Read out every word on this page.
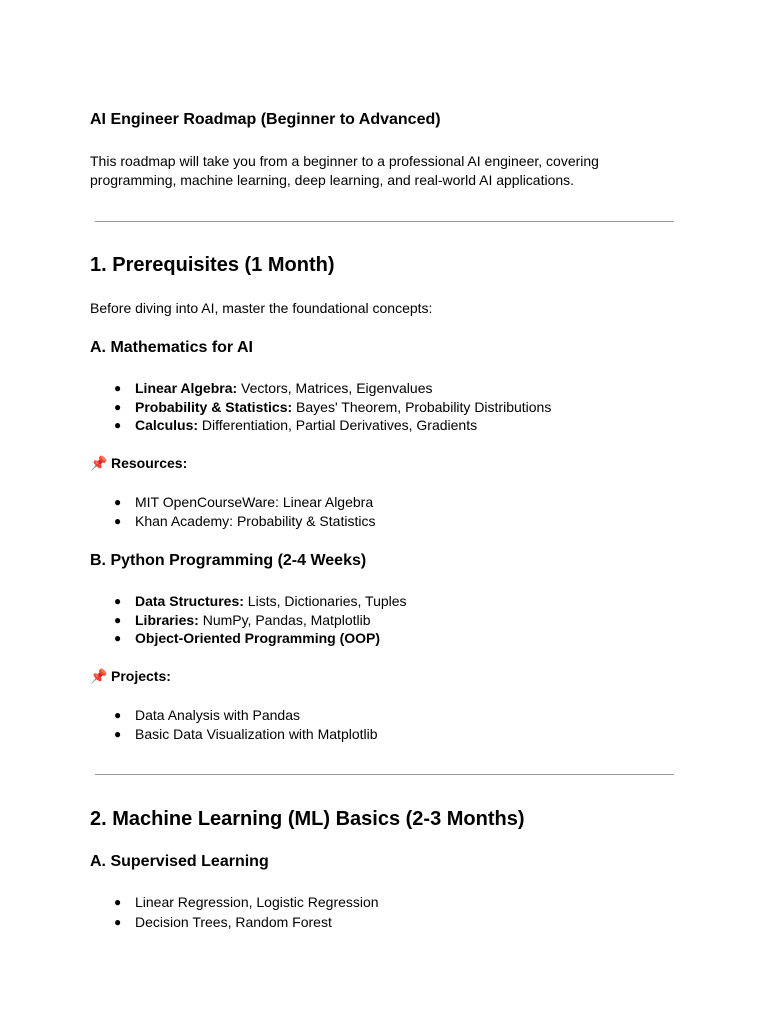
AI Engineer Roadmap (Beginner to Advanced)

This roadmap will take you from a beginner to a professional AI engineer, covering programming, machine learning, deep learning, and real-world AI applications.

1. Prerequisites (1 Month)

Before diving into AI, master the foundational concepts:

A. Mathematics for AI
● Linear Algebra: Vectors, Matrices, Eigenvalues
● Probability & Statistics: Bayes' Theorem, Probability Distributions
● Calculus: Differentiation, Partial Derivatives, Gradients

📌 Resources:

● MIT OpenCourseWare: Linear Algebra
● Khan Academy: Probability & Statistics
B. Python Programming (2-4 Weeks)
● Data Structures: Lists, Dictionaries, Tuples
● Libraries: NumPy, Pandas, Matplotlib
● Object-Oriented Programming (OOP)

📌 Projects:

● Data Analysis with Pandas
● Basic Data Visualization with Matplotlib
2. Machine Learning (ML) Basics (2-3 Months)
A. Supervised Learning
● Linear Regression, Logistic Regression
● Decision Trees, Random Forest
